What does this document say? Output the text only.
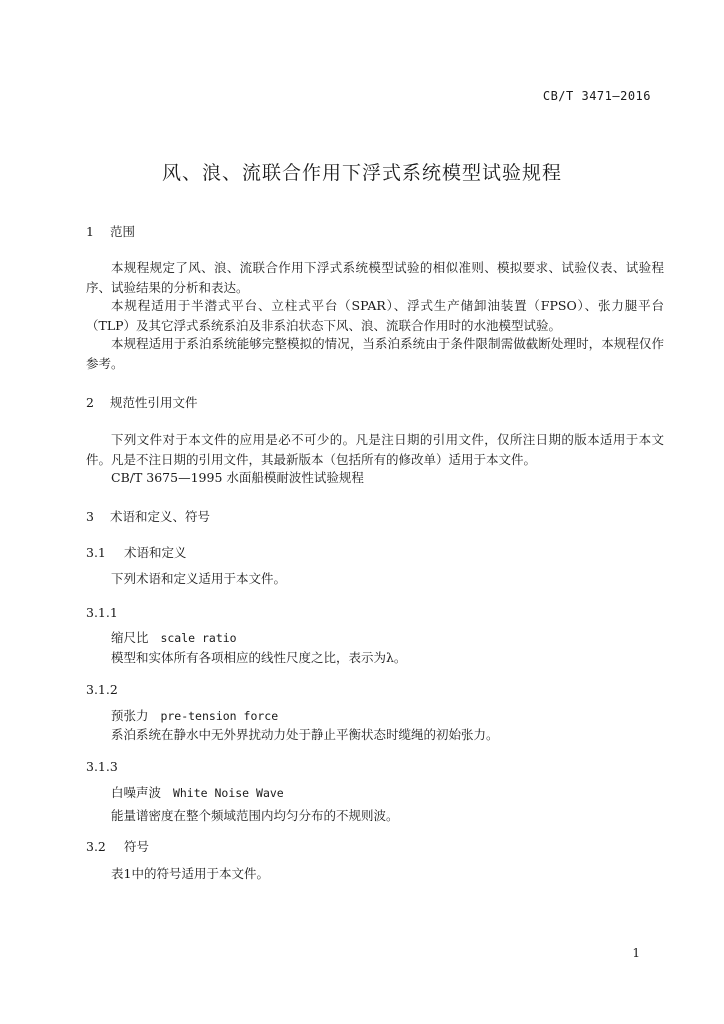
CB/T 3471—2016
风、浪、流联合作用下浮式系统模型试验规程
1 范围
本规程规定了风、浪、流联合作用下浮式系统模型试验的相似准则、模拟要求、试验仪表、试验程序、试验结果的分析和表达。
本规程适用于半潜式平台、立柱式平台（SPAR）、浮式生产储卸油装置（FPSO）、张力腿平台（TLP）及其它浮式系统系泊及非系泊状态下风、浪、流联合作用时的水池模型试验。
本规程适用于系泊系统能够完整模拟的情况，当系泊系统由于条件限制需做截断处理时，本规程仅作参考。
2 规范性引用文件
下列文件对于本文件的应用是必不可少的。凡是注日期的引用文件，仅所注日期的版本适用于本文件。凡是不注日期的引用文件，其最新版本（包括所有的修改单）适用于本文件。
CB/T 3675—1995 水面船模耐波性试验规程
3 术语和定义、符号
3.1 术语和定义
下列术语和定义适用于本文件。
3.1.1
缩尺比 scale ratio
模型和实体所有各项相应的线性尺度之比，表示为λ。
3.1.2
预张力 pre-tension force
系泊系统在静水中无外界扰动力处于静止平衡状态时缆绳的初始张力。
3.1.3
白噪声波 White Noise Wave
能量谱密度在整个频域范围内均匀分布的不规则波。
3.2 符号
表1中的符号适用于本文件。
1
